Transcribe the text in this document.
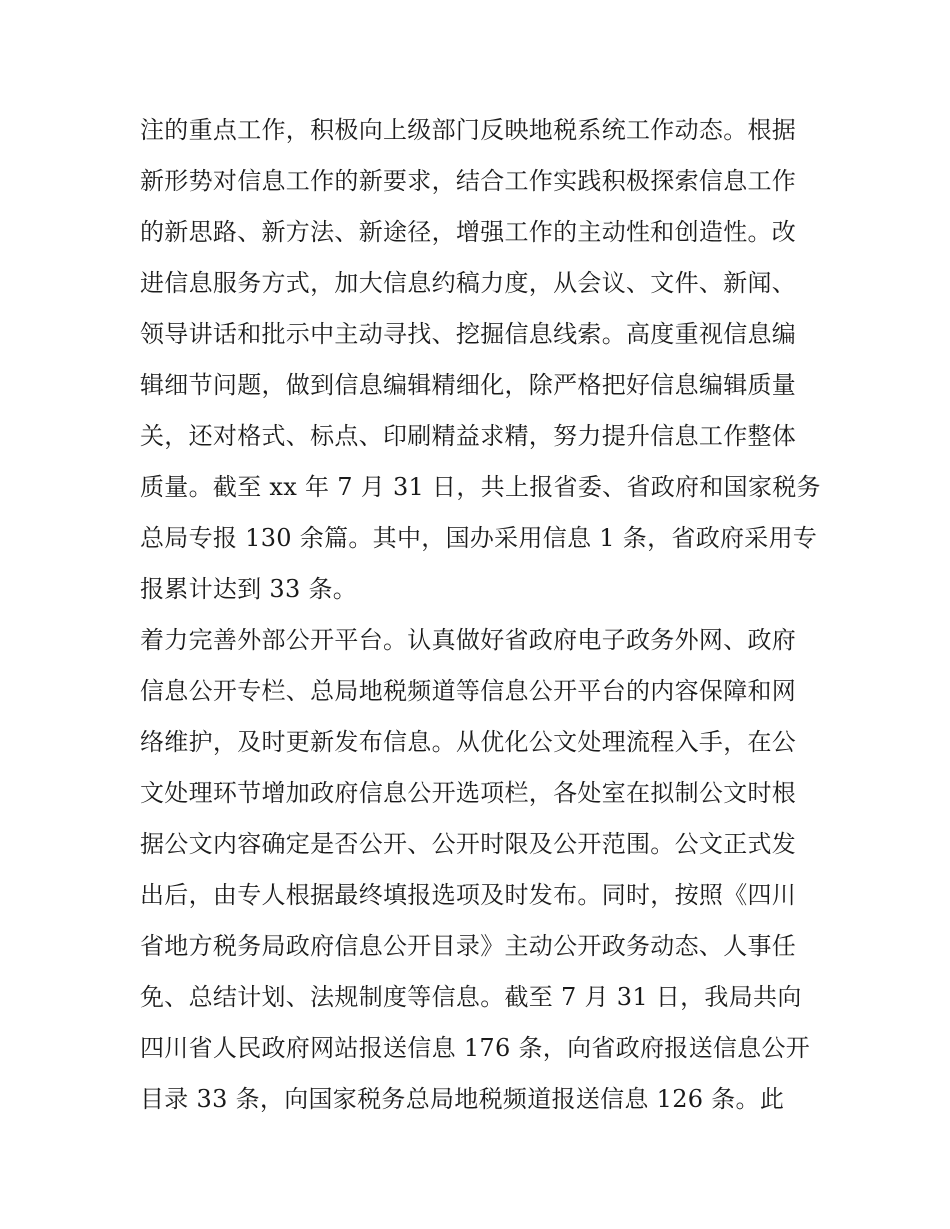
注的重点工作，积极向上级部门反映地税系统工作动态。根据
新形势对信息工作的新要求，结合工作实践积极探索信息工作
的新思路、新方法、新途径，增强工作的主动性和创造性。改
进信息服务方式，加大信息约稿力度，从会议、文件、新闻、
领导讲话和批示中主动寻找、挖掘信息线索。高度重视信息编
辑细节问题，做到信息编辑精细化，除严格把好信息编辑质量
关，还对格式、标点、印刷精益求精，努力提升信息工作整体
质量。截至 xx 年 7 月 31 日，共上报省委、省政府和国家税务
总局专报 130 余篇。其中，国办采用信息 1 条，省政府采用专
报累计达到 33 条。
着力完善外部公开平台。认真做好省政府电子政务外网、政府
信息公开专栏、总局地税频道等信息公开平台的内容保障和网
络维护，及时更新发布信息。从优化公文处理流程入手，在公
文处理环节增加政府信息公开选项栏，各处室在拟制公文时根
据公文内容确定是否公开、公开时限及公开范围。公文正式发
出后，由专人根据最终填报选项及时发布。同时，按照《四川
省地方税务局政府信息公开目录》主动公开政务动态、人事任
免、总结计划、法规制度等信息。截至 7 月 31 日，我局共向
四川省人民政府网站报送信息 176 条，向省政府报送信息公开
目录 33 条，向国家税务总局地税频道报送信息 126 条。此
